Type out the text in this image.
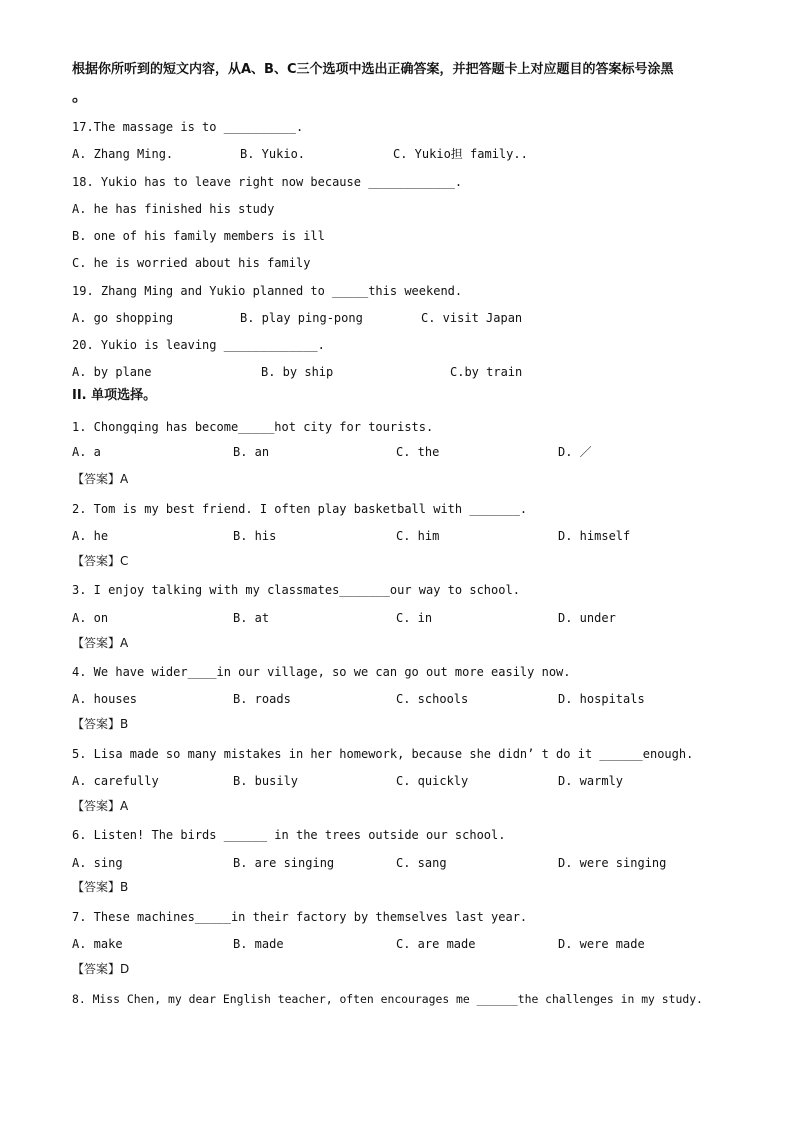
根据你所听到的短文内容，从A、B、C三个选项中选出正确答案，并把答题卡上对应题目的答案标号涂黑
。
17.The massage is to __________.
A. Zhang Ming.	B. Yukio.	C. Yukio担 family..
18. Yukio has to leave right now because ____________.
A. he has finished his study
B. one of his family members is ill
C. he is worried about his family
19. Zhang Ming and Yukio planned to _____this weekend.
A. go shopping	B. play ping-pong	C. visit Japan
20. Yukio is leaving _____________.
A. by plane	B. by ship	C.by train
II. 单项选择。
1. Chongqing has become_____hot city for tourists.
A. a	B. an	C. the	D. ／
【答案】A
2. Tom is my best friend. I often play basketball with _______.
A. he	B. his	C. him	D. himself
【答案】C
3. I enjoy talking with my classmates_______our way to school.
A. on	B. at	C. in	D. under
【答案】A
4. We have wider____in our village, so we can go out more easily now.
A. houses	B. roads	C. schools	D. hospitals
【答案】B
5. Lisa made so many mistakes in her homework, because she didn’ t do it ______enough.
A. carefully	B. busily	C. quickly	D. warmly
【答案】A
6. Listen! The birds ______ in the trees outside our school.
A. sing	B. are singing	C. sang	D. were singing
【答案】B
7. These machines_____in their factory by themselves last year.
A. make	B. made	C. are made	D. were made
【答案】D
8. Miss Chen, my dear English teacher, often encourages me ______the challenges in my study.
